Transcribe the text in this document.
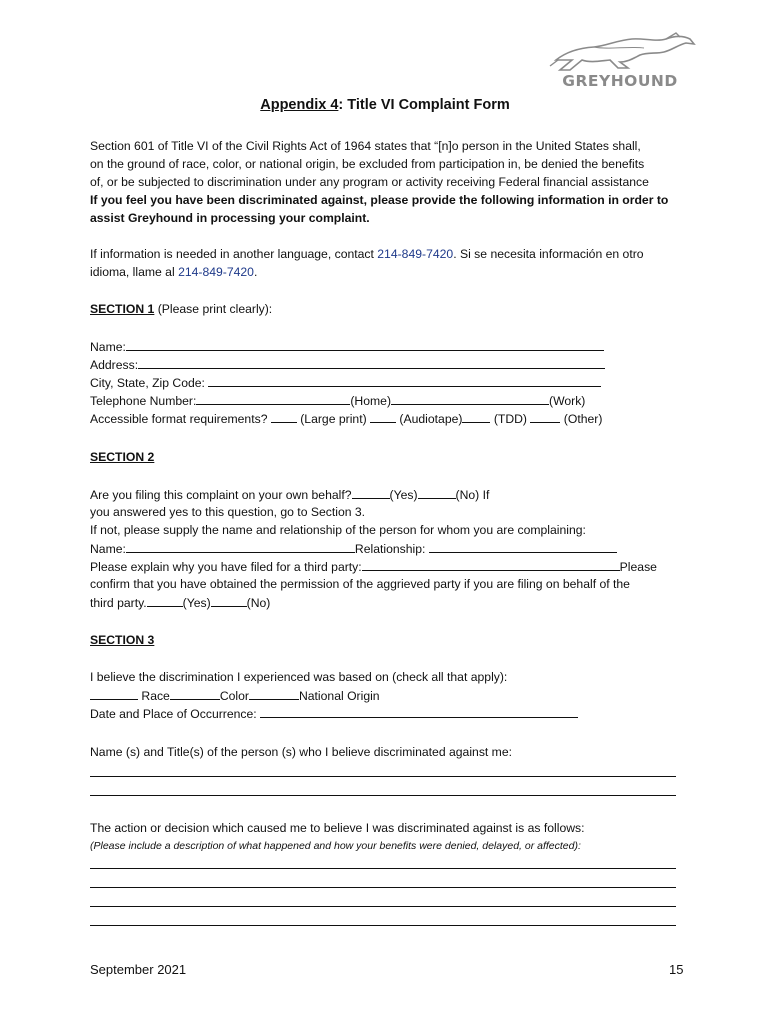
GREYHOUND
Appendix 4: Title VI Complaint Form
Section 601 of Title VI of the Civil Rights Act of 1964 states that “[n]o person in the United States shall,
on the ground of race, color, or national origin, be excluded from participation in, be denied the benefits
of, or be subjected to discrimination under any program or activity receiving Federal financial assistance
If you feel you have been discriminated against, please provide the following information in order to
assist Greyhound in processing your complaint.
If information is needed in another language, contact 214-849-7420. Si se necesita información en otro
idioma, llame al 214-849-7420.
SECTION 1 (Please print clearly):
Name:
Address:
City, State, Zip Code:
Telephone Number:	(Home)	(Work)
Accessible format requirements?  (Large print)	(Audiotape)	(TDD)	(Other)
SECTION 2
Are you filing this complaint on your own behalf?	(Yes)	(No) If
you answered yes to this question, go to Section 3.
If not, please supply the name and relationship of the person for whom you are complaining:
Name:	Relationship:
Please explain why you have filed for a third party:	Please
confirm that you have obtained the permission of the aggrieved party if you are filing on behalf of the
third party.	(Yes)	(No)
SECTION 3
I believe the discrimination I experienced was based on (check all that apply):
Race	Color	National Origin
Date and Place of Occurrence:
Name (s) and Title(s) of the person (s) who I believe discriminated against me:
The action or decision which caused me to believe I was discriminated against is as follows:
(Please include a description of what happened and how your benefits were denied, delayed, or affected):
September 2021	15
